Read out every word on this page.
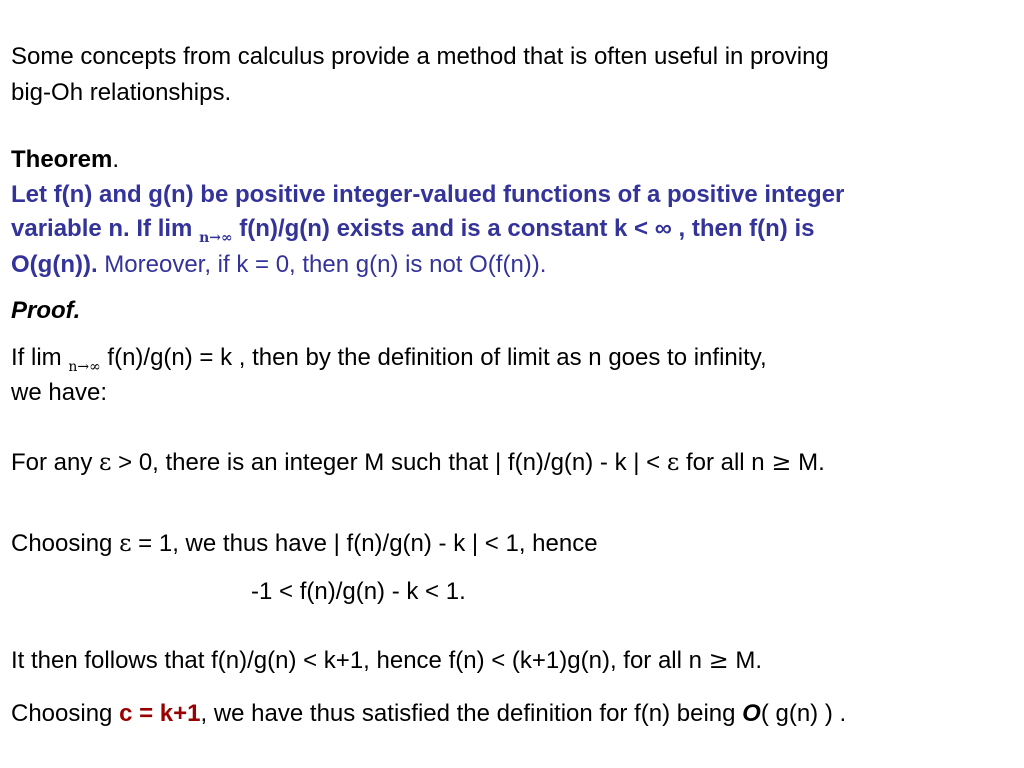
Some concepts from calculus provide a method that is often useful in proving
big-Oh relationships.
Theorem.
Let f(n) and g(n) be positive integer-valued functions of a positive integer
variable n. If lim $_{n\to\infty}$ f(n)/g(n) exists and is a constant k < ∞ , then f(n) is
O(g(n)). Moreover, if k = 0, then g(n) is not O(f(n)).
Proof.
If lim $_{n\to\infty}$ f(n)/g(n) = k , then by the definition of limit as n goes to infinity,
we have:
For any ε > 0, there is an integer M such that | f(n)/g(n) - k | < ε for all n ≥ M.
Choosing ε = 1, we thus have | f(n)/g(n) - k | < 1, hence
-1 < f(n)/g(n) - k < 1.
It then follows that f(n)/g(n) < k+1, hence f(n) < (k+1)g(n), for all n ≥ M.
Choosing c = k+1, we have thus satisfied the definition for f(n) being O( g(n) ) .
